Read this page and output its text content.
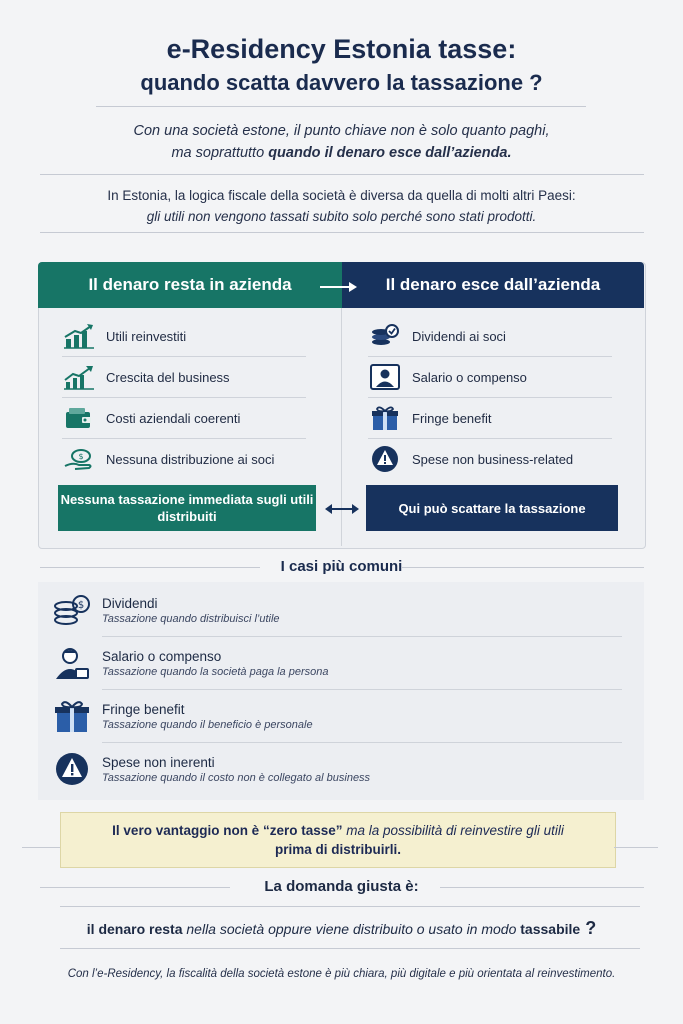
e-Residency Estonia tasse:
quando scatta davvero la tassazione ?
Con una società estone, il punto chiave non è solo quanto paghi,
ma soprattutto quando il denaro esce dall’azienda.
In Estonia, la logica fiscale della società è diversa da quella di molti altri Paesi:
gli utili non vengono tassati subito solo perché sono stati prodotti.
Il denaro resta in azienda	Il denaro esce dall’azienda
Utili reinvestiti
Crescita del business
Costi aziendali coerenti
$ Nessuna distribuzione ai soci
Dividendi ai soci
Salario o compenso
Fringe benefit
Spese non business-related
Nessuna tassazione immediata sugli utili distribuiti
Qui può scattare la tassazione
I casi più comuni
$ Dividendi
Tassazione quando distribuisci l’utile
Salario o compenso
Tassazione quando la società paga la persona
Fringe benefit
Tassazione quando il beneficio è personale
Spese non inerenti
Tassazione quando il costo non è collegato al business
Il vero vantaggio non è “zero tasse” ma la possibilità di reinvestire gli utili
prima di distribuirli.
La domanda giusta è:
il denaro resta nella società oppure viene distribuito o usato in modo tassabile ?
Con l’e-Residency, la fiscalità della società estone è più chiara, più digitale e più orientata al reinvestimento.
